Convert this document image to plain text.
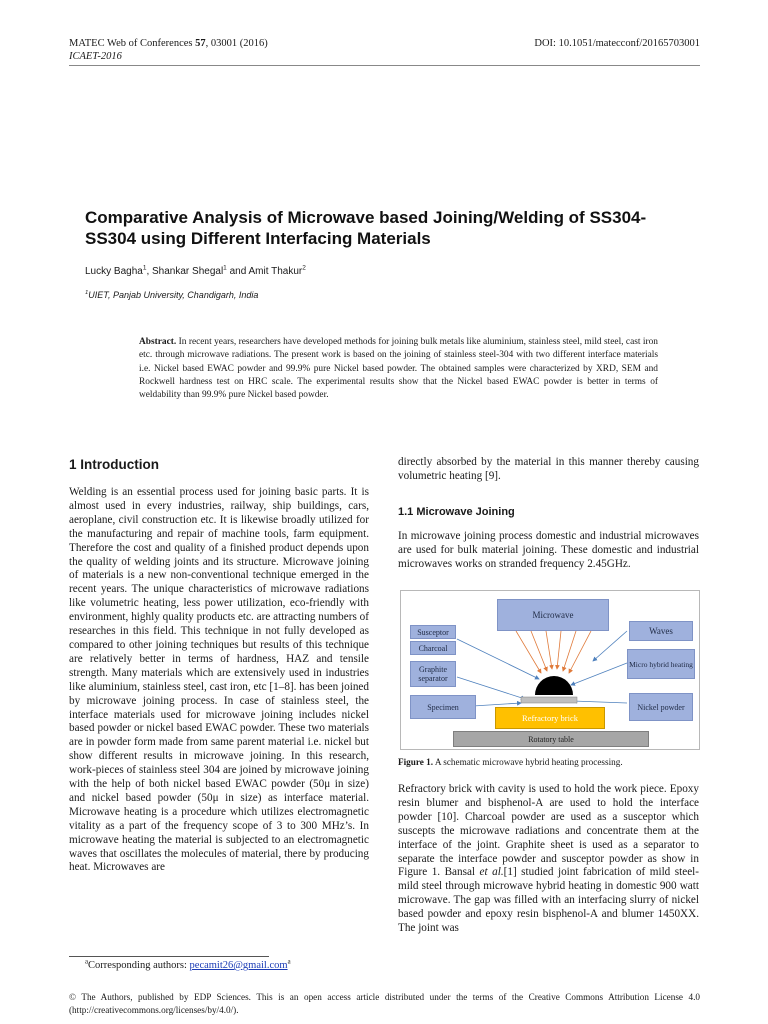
MATEC Web of Conferences 57, 03001 (2016)	DOI: 10.1051/matecconf/20165703001
ICAET-2016
Comparative Analysis of Microwave based Joining/Welding of SS304-
SS304 using Different Interfacing Materials
Lucky Bagha$^1$, Shankar Shegal$^1$ and Amit Thakur$^2$
$^1$UIET, Panjab University, Chandigarh, India
Abstract. In recent years, researchers have developed methods for joining bulk metals like aluminium, stainless steel, mild steel, cast iron etc. through microwave radiations. The present work is based on the joining of stainless steel-304 with two different interface materials i.e. Nickel based EWAC powder and 99.9% pure Nickel based powder. The obtained samples were characterized by XRD, SEM and Rockwell hardness test on HRC scale. The experimental results show that the Nickel based EWAC powder is better in terms of weldability than 99.9% pure Nickel based powder.
1 Introduction
Welding is an essential process used for joining basic parts. It is almost used in every industries, railway, ship buildings, cars, aeroplane, civil construction etc. It is likewise broadly utilized for the manufacturing and repair of machine tools, farm equipment. Therefore the cost and quality of a finished product depends upon the quality of welding joints and its structure. Microwave joining of materials is a new non-conventional technique emerged in the recent years. The unique characteristics of microwave radiations like volumetric heating, less power utilization, eco-friendly with environment, highly quality products etc. are attracting numbers of researches in this field. This technique in not fully developed as compared to other joining techniques but results of this technique are relatively better in terms of hardness, HAZ and tensile strength. Many materials which are extensively used in industries like aluminium, stainless steel, cast iron, etc [1–8]. has been joined by microwave joining process. In case of stainless steel, the interface materials used for microwave joining includes nickel based powder or nickel based EWAC powder. These two materials are in powder form made from same parent material i.e. nickel but show different results in microwave joining. In this research, work-pieces of stainless steel 304 are joined by microwave joining with the help of both nickel based EWAC powder (50μ in size) and nickel based powder (50μ in size) as interface material. Microwave heating is a procedure which utilizes electromagnetic vitality as a part of the frequency scope of 3 to 300 MHz’s. In microwave heating the material is subjected to an electromagnetic waves that oscillates the molecules of material, there by producing heat. Microwaves are
directly absorbed by the material in this manner thereby causing volumetric heating [9].
1.1 Microwave Joining
In microwave joining process domestic and industrial microwaves are used for bulk material joining. These domestic and industrial microwaves works on stranded frequency 2.45GHz.
Microwave
Susceptor
Charcoal
Graphite separator
Specimen
Waves
Micro hybrid heating
Nickel powder
Refractory brick
Rotatory table
Figure 1. A schematic microwave hybrid heating processing.
Refractory brick with cavity is used to hold the work piece. Epoxy resin blumer and bisphenol-A are used to hold the interface powder [10]. Charcoal powder are used as a susceptor which suscepts the microwave radiations and concentrate them at the interface of the joint. Graphite sheet is used as a separator to separate the interface powder and susceptor powder as show in Figure 1. Bansal et al.[1] studied joint fabrication of mild steel-mild steel through microwave hybrid heating in domestic 900 watt microwave. The gap was filled with an interfacing slurry of nickel based powder and epoxy resin bisphenol-A and blumer 1450XX. The joint was
$^a$Corresponding authors: pecamit26@gmail.com$^a$
© The Authors, published by EDP Sciences. This is an open access article distributed under the terms of the Creative Commons Attribution License 4.0 (http://creativecommons.org/licenses/by/4.0/).
